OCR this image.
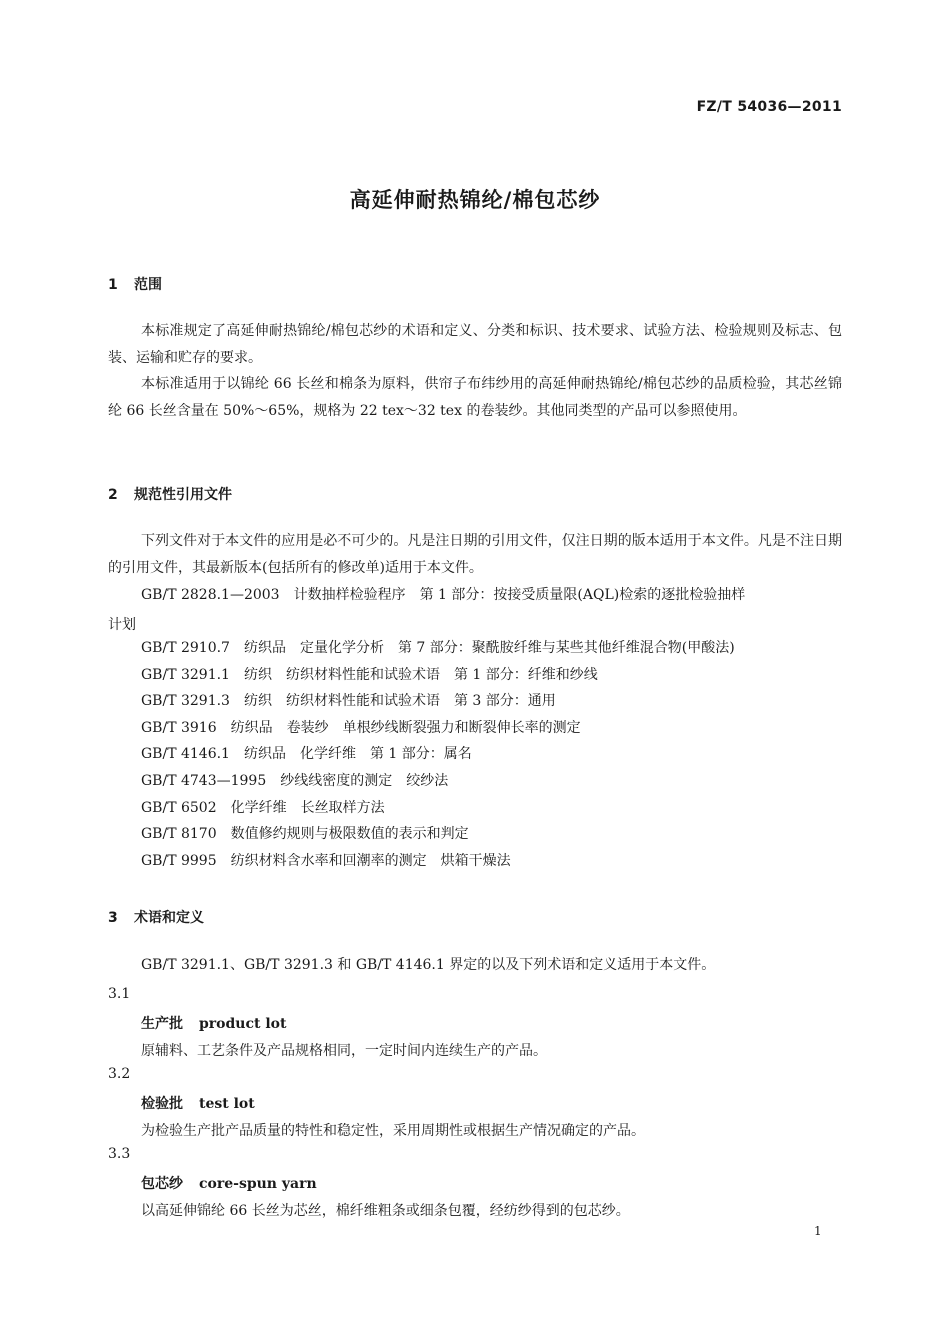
FZ/T 54036—2011
高延伸耐热锦纶/棉包芯纱
1 范围

本标准规定了高延伸耐热锦纶/棉包芯纱的术语和定义、分类和标识、技术要求、试验方法、检验规则及标志、包装、运输和贮存的要求。

本标准适用于以锦纶 66 长丝和棉条为原料，供帘子布纬纱用的高延伸耐热锦纶/棉包芯纱的品质检验，其芯丝锦纶 66 长丝含量在 50%～65%，规格为 22 tex～32 tex 的卷装纱。其他同类型的产品可以参照使用。

2 规范性引用文件

下列文件对于本文件的应用是必不可少的。凡是注日期的引用文件，仅注日期的版本适用于本文件。凡是不注日期的引用文件，其最新版本(包括所有的修改单)适用于本文件。

GB/T 2828.1—2003　计数抽样检验程序　第 1 部分：按接受质量限(AQL)检索的逐批检验抽样
计划
GB/T 2910.7　纺织品　定量化学分析　第 7 部分：聚酰胺纤维与某些其他纤维混合物(甲酸法)
GB/T 3291.1　纺织　纺织材料性能和试验术语　第 1 部分：纤维和纱线
GB/T 3291.3　纺织　纺织材料性能和试验术语　第 3 部分：通用
GB/T 3916　纺织品　卷装纱　单根纱线断裂强力和断裂伸长率的测定
GB/T 4146.1　纺织品　化学纤维　第 1 部分：属名
GB/T 4743—1995　纱线线密度的测定　绞纱法
GB/T 6502　化学纤维　长丝取样方法
GB/T 8170　数值修约规则与极限数值的表示和判定
GB/T 9995　纺织材料含水率和回潮率的测定　烘箱干燥法
3 术语和定义
GB/T 3291.1、GB/T 3291.3 和 GB/T 4146.1 界定的以及下列术语和定义适用于本文件。
3.1
生产批 product lot
原辅料、工艺条件及产品规格相同，一定时间内连续生产的产品。
3.2
检验批 test lot
为检验生产批产品质量的特性和稳定性，采用周期性或根据生产情况确定的产品。
3.3
包芯纱 core-spun yarn
以高延伸锦纶 66 长丝为芯丝，棉纤维粗条或细条包覆，经纺纱得到的包芯纱。
1
